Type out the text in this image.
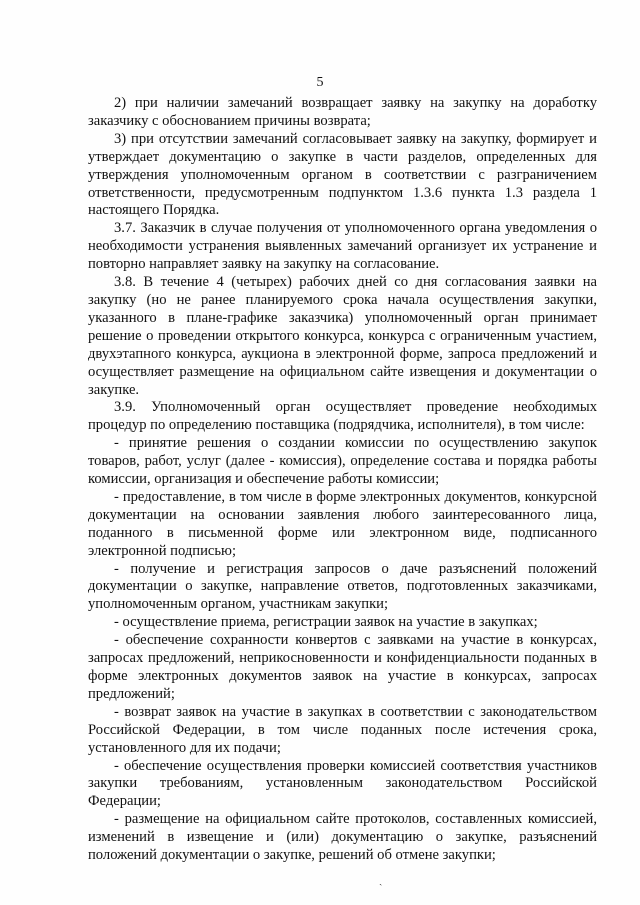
5

2) при наличии замечаний возвращает заявку на закупку на доработку заказчику с обоснованием причины возврата;

3) при отсутствии замечаний согласовывает заявку на закупку, формирует и утверждает документацию о закупке в части разделов, определенных для утверждения уполномоченным органом в соответствии с разграничением ответственности, предусмотренным подпунктом 1.3.6 пункта 1.3 раздела 1 настоящего Порядка.

3.7. Заказчик в случае получения от уполномоченного органа уведомления о необходимости устранения выявленных замечаний организует их устранение и повторно направляет заявку на закупку на согласование.

3.8. В течение 4 (четырех) рабочих дней со дня согласования заявки на закупку (но не ранее планируемого срока начала осуществления закупки, указанного в плане-графике заказчика) уполномоченный орган принимает решение о проведении открытого конкурса, конкурса с ограниченным участием, двухэтапного конкурса, аукциона в электронной форме, запроса предложений и осуществляет размещение на официальном сайте извещения и документации о закупке.

3.9. Уполномоченный орган осуществляет проведение необходимых процедур по определению поставщика (подрядчика, исполнителя), в том числе:

- принятие решения о создании комиссии по осуществлению закупок товаров, работ, услуг (далее - комиссия), определение состава и порядка работы комиссии, организация и обеспечение работы комиссии;

- предоставление, в том числе в форме электронных документов, конкурсной документации на основании заявления любого заинтересованного лица, поданного в письменной форме или электронном виде, подписанного электронной подписью;

- получение и регистрация запросов о даче разъяснений положений документации о закупке, направление ответов, подготовленных заказчиками, уполномоченным органом, участникам закупки;

- осуществление приема, регистрации заявок на участие в закупках;

- обеспечение сохранности конвертов с заявками на участие в конкурсах, запросах предложений, неприкосновенности и конфиденциальности поданных в форме электронных документов заявок на участие в конкурсах, запросах предложений;

- возврат заявок на участие в закупках в соответствии с законодательством Российской Федерации, в том числе поданных после истечения срока, установленного для их подачи;

- обеспечение осуществления проверки комиссией соответствия участников закупки требованиям, установленным законодательством Российской Федерации;

- размещение на официальном сайте протоколов, составленных комиссией, изменений в извещение и (или) документацию о закупке, разъяснений положений документации о закупке, решений об отмене закупки;

ˏ
